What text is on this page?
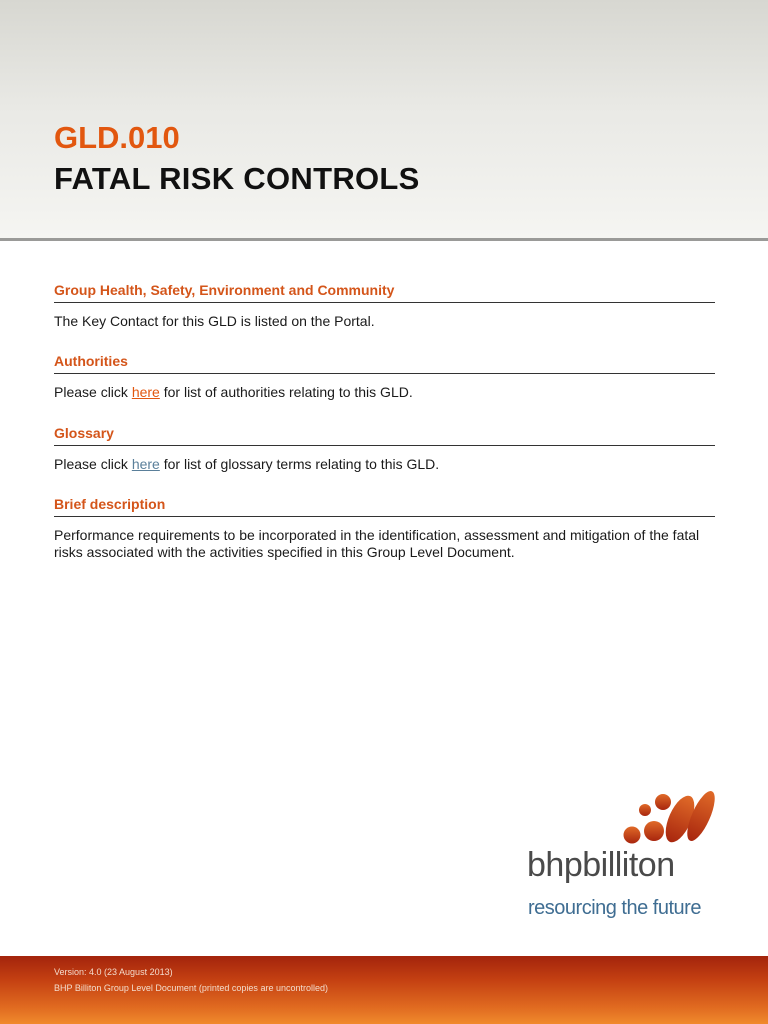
GLD.010
FATAL RISK CONTROLS

Group Health, Safety, Environment and Community

The Key Contact for this GLD is listed on the Portal.

Authorities

Please click here for list of authorities relating to this GLD.

Glossary

Please click here for list of glossary terms relating to this GLD.

Brief description

Performance requirements to be incorporated in the identification, assessment and mitigation of the fatal risks associated with the activities specified in this Group Level Document.

bhpbilliton
resourcing the future
Version: 4.0 (23 August 2013)
BHP Billiton Group Level Document (printed copies are uncontrolled)
